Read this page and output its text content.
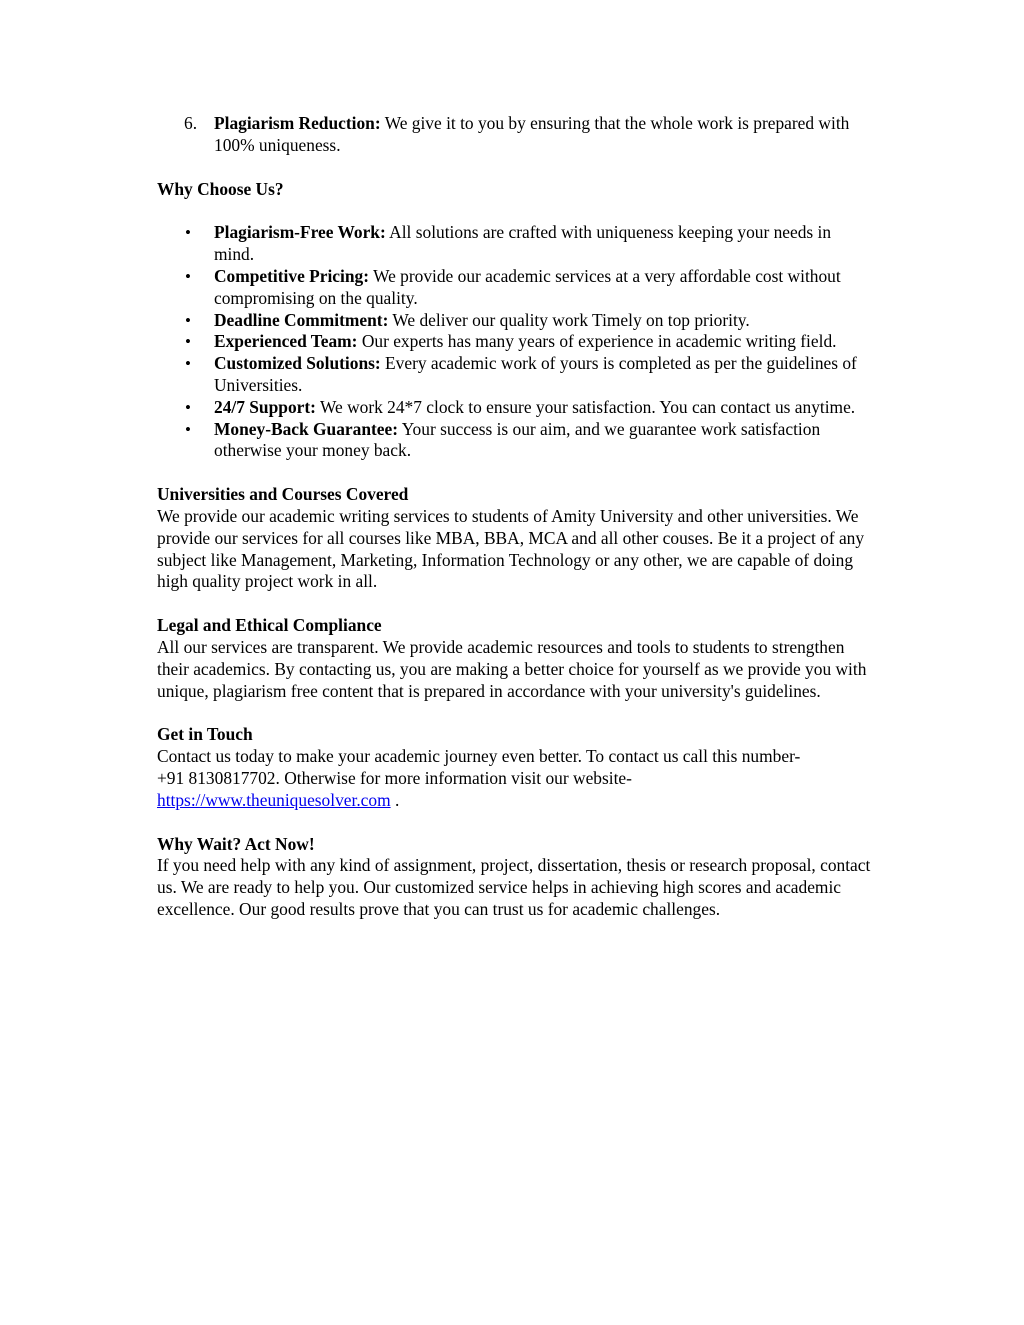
6. Plagiarism Reduction: We give it to you by ensuring that the whole work is prepared with 100% uniqueness.
Why Choose Us?
• Plagiarism-Free Work: All solutions are crafted with uniqueness keeping your needs in mind.
• Competitive Pricing: We provide our academic services at a very affordable cost without compromising on the quality.
• Deadline Commitment: We deliver our quality work Timely on top priority.
• Experienced Team: Our experts has many years of experience in academic writing field.
• Customized Solutions: Every academic work of yours is completed as per the guidelines of Universities.
• 24/7 Support: We work 24*7 clock to ensure your satisfaction. You can contact us anytime.
• Money-Back Guarantee: Your success is our aim, and we guarantee work satisfaction otherwise your money back.
Universities and Courses Covered

We provide our academic writing services to students of Amity University and other universities. We provide our services for all courses like MBA, BBA, MCA and all other couses. Be it a project of any subject like Management, Marketing, Information Technology or any other, we are capable of doing high quality project work in all.

Legal and Ethical Compliance

All our services are transparent. We provide academic resources and tools to students to strengthen their academics. By contacting us, you are making a better choice for yourself as we provide you with unique, plagiarism free content that is prepared in accordance with your university's guidelines.

Get in Touch

Contact us today to make your academic journey even better. To contact us call this number-
+91 8130817702. Otherwise for more information visit our website-
https://www.theuniquesolver.com .

Why Wait? Act Now!

If you need help with any kind of assignment, project, dissertation, thesis or research proposal, contact us. We are ready to help you. Our customized service helps in achieving high scores and academic excellence. Our good results prove that you can trust us for academic challenges.
